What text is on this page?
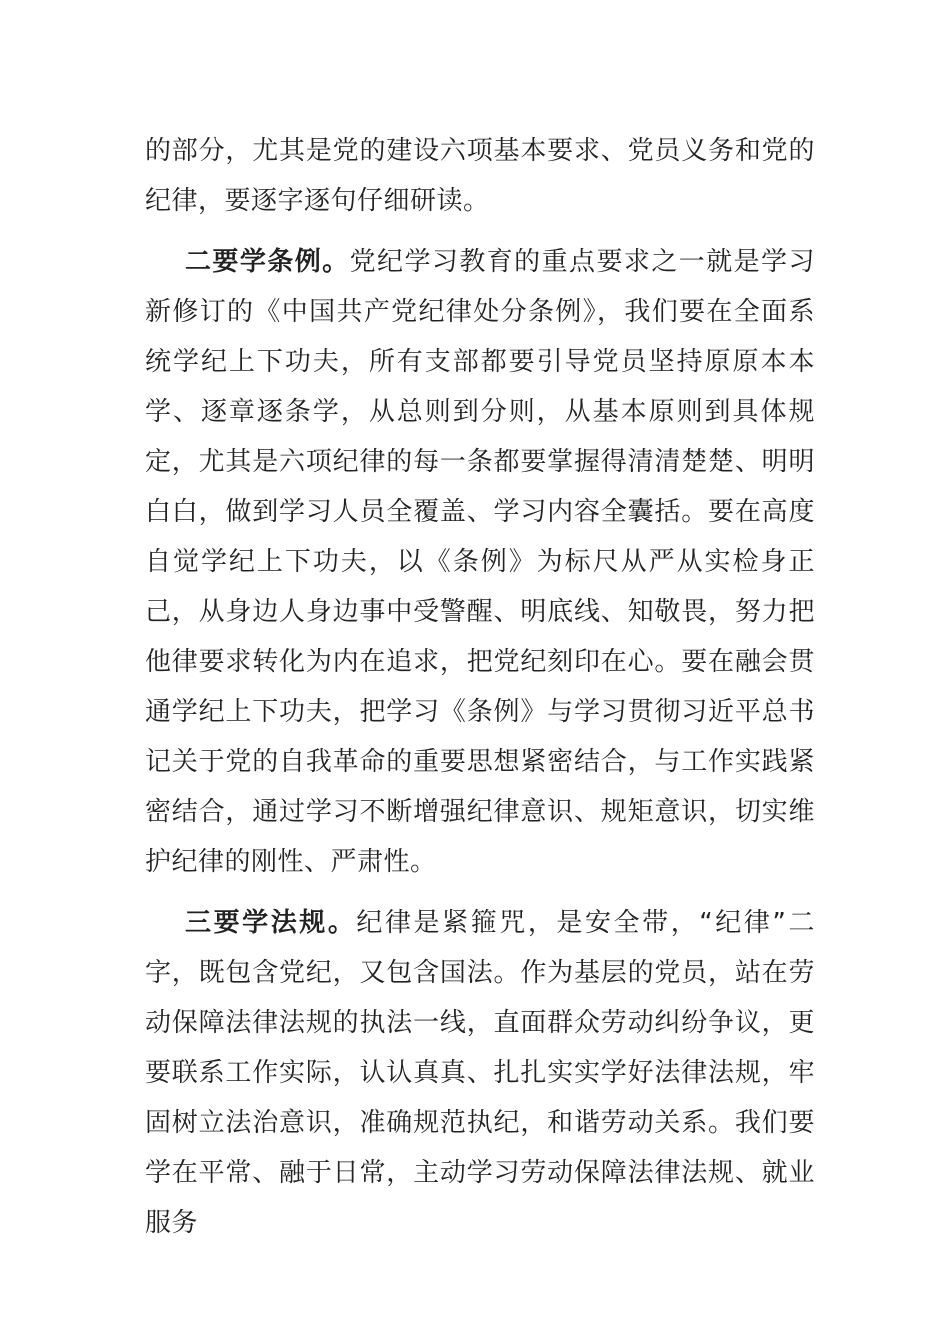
的部分，尤其是党的建设六项基本要求、党员义务和党的纪律，要逐字逐句仔细研读。

二要学条例。党纪学习教育的重点要求之一就是学习新修订的《中国共产党纪律处分条例》，我们要在全面系统学纪上下功夫，所有支部都要引导党员坚持原原本本学、逐章逐条学，从总则到分则，从基本原则到具体规定，尤其是六项纪律的每一条都要掌握得清清楚楚、明明白白，做到学习人员全覆盖、学习内容全囊括。要在高度自觉学纪上下功夫，以《条例》为标尺从严从实检身正己，从身边人身边事中受警醒、明底线、知敬畏，努力把他律要求转化为内在追求，把党纪刻印在心。要在融会贯通学纪上下功夫，把学习《条例》与学习贯彻习近平总书记关于党的自我革命的重要思想紧密结合，与工作实践紧密结合，通过学习不断增强纪律意识、规矩意识，切实维护纪律的刚性、严肃性。

三要学法规。纪律是紧箍咒，是安全带，“纪律”二字，既包含党纪，又包含国法。作为基层的党员，站在劳动保障法律法规的执法一线，直面群众劳动纠纷争议，更要联系工作实际，认认真真、扎扎实实学好法律法规，牢固树立法治意识，准确规范执纪，和谐劳动关系。我们要学在平常、融于日常，主动学习劳动保障法律法规、就业服务
